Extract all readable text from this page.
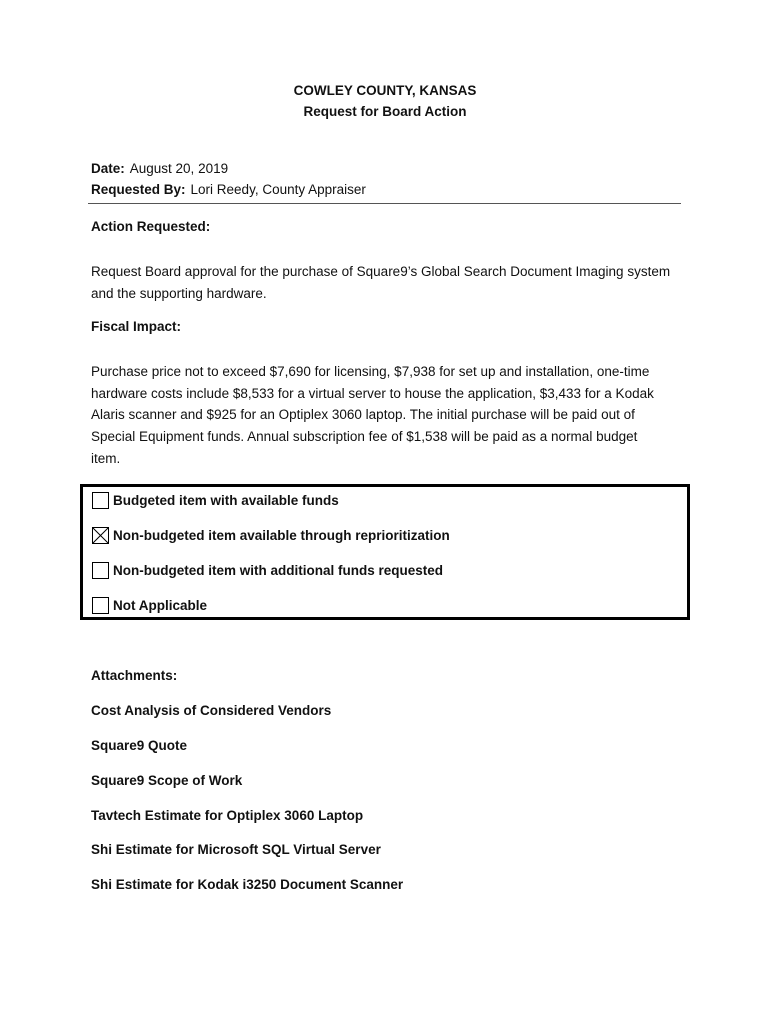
COWLEY COUNTY, KANSAS
Request for Board Action
Date: August 20, 2019
Requested By: Lori Reedy, County Appraiser
Action Requested:
Request Board approval for the purchase of Square9’s Global Search Document Imaging system
and the supporting hardware.
Fiscal Impact:
Purchase price not to exceed $7,690 for licensing, $7,938 for set up and installation, one-time
hardware costs include $8,533 for a virtual server to house the application, $3,433 for a Kodak
Alaris scanner and $925 for an Optiplex 3060 laptop. The initial purchase will be paid out of
Special Equipment funds. Annual subscription fee of $1,538 will be paid as a normal budget
item.
Budgeted item with available funds
Non-budgeted item available through reprioritization
Non-budgeted item with additional funds requested
Not Applicable
Attachments:
Cost Analysis of Considered Vendors
Square9 Quote
Square9 Scope of Work
Tavtech Estimate for Optiplex 3060 Laptop
Shi Estimate for Microsoft SQL Virtual Server
Shi Estimate for Kodak i3250 Document Scanner
